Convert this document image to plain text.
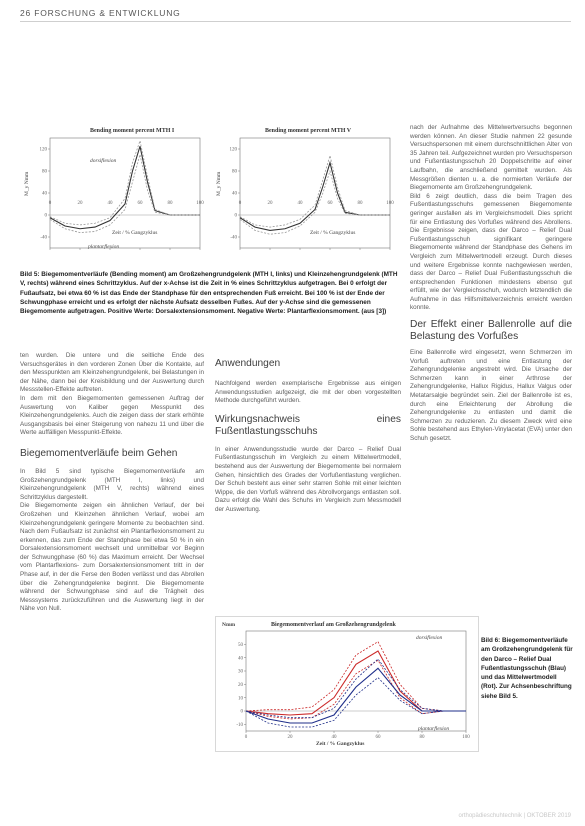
26 FORSCHUNG & ENTWICKLUNG
Bending moment percent MTH I	Bending moment percent MTH V
M_y Nmm	M_y Nmm
dorsiflexion
plantarflexion
Zeit / % Gangzyklus	Zeit / % Gangzyklus
-40
0
40
80
120
0	20	40	60	80	100
-40
0
40
80
120
0	20	40	60	80	100
Bild 5: Biegemomentverläufe (Bending moment) am Großzehengrundgelenk (MTH I, links) und Kleinzehengrundgelenk (MTH V, rechts) während eines Schrittzyklus. Auf der x-Achse ist die Zeit in % eines Schrittzyklus aufgetragen. Bei 0 erfolgt der Fußaufsatz, bei etwa 60 % ist das Ende der Standphase für den entsprechenden Fuß erreicht. Bei 100 % ist der Ende der Schwungphase erreicht und es erfolgt der nächste Aufsatz desselben Fußes. Auf der y-Achse sind die gemessenen Biegemomente aufgetragen. Positive Werte: Dorsalextensionsmoment. Negative Werte: Plantarflexionsmoment. (aus [3])

nach der Aufnahme des Mittelwertversuchs begonnen werden können. An dieser Studie nahmen 22 gesunde Versuchspersonen mit einem durchschnittlichen Alter von 35 Jahren teil. Aufgezeichnet wurden pro Versuchsperson und Fußentlastungsschuh 20 Doppelschritte auf einer Laufbahn, die anschließend gemittelt wurden. Als Messgrößen dienten u. a. die normierten Verläufe der Biegemomente am Großzehengrundgelenk.

Bild 6 zeigt deutlich, dass die beim Tragen des Fußentlastungsschuhs gemessenen Biegemomente geringer ausfallen als im Vergleichsmodell. Dies spricht für eine Entlastung des Vorfußes während des Abrollens. Die Ergebnisse zeigen, dass der Darco – Relief Dual Fußentlastungsschuh signifikant geringere Biegemomente während der Standphase des Gehens im Vergleich zum Mittelwertmodell erzeugt. Durch dieses und weitere Ergebnisse konnte nachgewiesen werden, dass der Darco – Relief Dual Fußentlastungsschuh die entsprechenden Funktionen mindestens ebenso gut erfüllt, wie der Vergleichsschuh, wodurch letztendlich die Aufnahme in das Hilfsmittelverzeichnis erreicht werden konnte.

Der Effekt einer Ballenrolle auf die Belastung des Vorfußes

Eine Ballenrolle wird eingesetzt, wenn Schmerzen im Vorfuß auftreten und eine Entlastung der Zehengrundgelenke angestrebt wird. Die Ursache der Schmerzen kann in einer Arthrose der Zehengrundgelenke, Hallux Rigidus, Hallux Valgus oder Metatarsalgie begründet sein. Ziel der Ballenrolle ist es, durch eine Erleichterung der Abrollung die Zehengrundgelenke zu entlasten und damit die Schmerzen zu reduzieren. Zu diesem Zweck wird eine Sohle bestehend aus Ethylen-Vinylacetat (EVA) unter den Schuh gesetzt.

ten wurden. Die untere und die seitliche Ende des Versuchsgerätes in den vorderen Zonen Über die Kontakte, auf den Messpunkten am Kleinzehengrundgelenk, bei Belastungen in der Nähe, dann bei der Kreisbildung und der Auswertung durch Messstellen-Effekte auftreten.

In dem mit den Biegemomenten gemessenen Auftrag der Auswertung von Kaliber gegen Messpunkt des Kleinzehengrundgelenks. Auch die zeigen dass der stark erhöhte Ausgangsbasis bei einer Steigerung von nahezu 11 und über die Werte auffälligen Messpunkt-Effekte.

Biegemomentverläufe beim Gehen

In Bild 5 sind typische Biegemomentverläufe am Großzehengrundgelenk (MTH I, links) und Kleinzehengrundgelenk (MTH V, rechts) während eines Schrittzyklus dargestellt.

Die Biegemomente zeigen ein ähnlichen Verlauf, der bei Großzehen und Kleinzehen ähnlichen Verlauf, wobei am Kleinzehengrundgelenk geringere Momente zu beobachten sind. Nach dem Fußaufsatz ist zunächst ein Plantarflexionsmoment zu erkennen, das zum Ende der Standphase bei etwa 50 % in ein Dorsalextensionsmoment wechselt und unmittelbar vor Beginn der Schwungphase (60 %) das Maximum erreicht. Der Wechsel vom Plantarflexions- zum Dorsalextensionsmoment tritt in der Phase auf, in der die Ferse den Boden verlässt und das Abrollen über die Zehengrundgelenke beginnt. Die Biegemomente während der Schwungphase sind auf die Trägheit des Messsystems zurückzuführen und die Auswertung liegt in der Nähe von Null.

Anwendungen

Nachfolgend werden exemplarische Ergebnisse aus einigen Anwendungsstudien aufgezeigt, die mit der oben vorgestellten Methode durchgeführt wurden.

Wirkungsnachweis eines Fußentlastungsschuhs

In einer Anwendungsstudie wurde der Darco – Relief Dual Fußentlastungsschuh im Vergleich zu einem Mittelwertmodell, bestehend aus der Auswertung der Biegemomente bei normalem Gehen, hinsichtlich des Grades der Vorfußentlastung verglichen. Der Schuh besteht aus einer sehr starren Sohle mit einer leichten Wippe, die den Vorfuß während des Abrollvorgangs entlasten soll. Dazu erfolgt die Wahl des Schuhs im Vergleich zum Messmodell der Auswertung.

Nmm	Biegemomentverlauf am Großzehengrundgelenk
dorsiflexion
plantarflexion
Zeit / % Gangzyklus
-10
0
10
20
30
40
50
0	20	40	60	80	100
Bild 6: Biegemomentverläufe am Großzehengrundgelenk für den Darco – Relief Dual Fußentlastungsschuh (Blau) und das Mittelwertmodell (Rot). Zur Achsenbeschriftung siehe Bild 5.
orthopädieschuhtechnik | OKTOBER 2019
